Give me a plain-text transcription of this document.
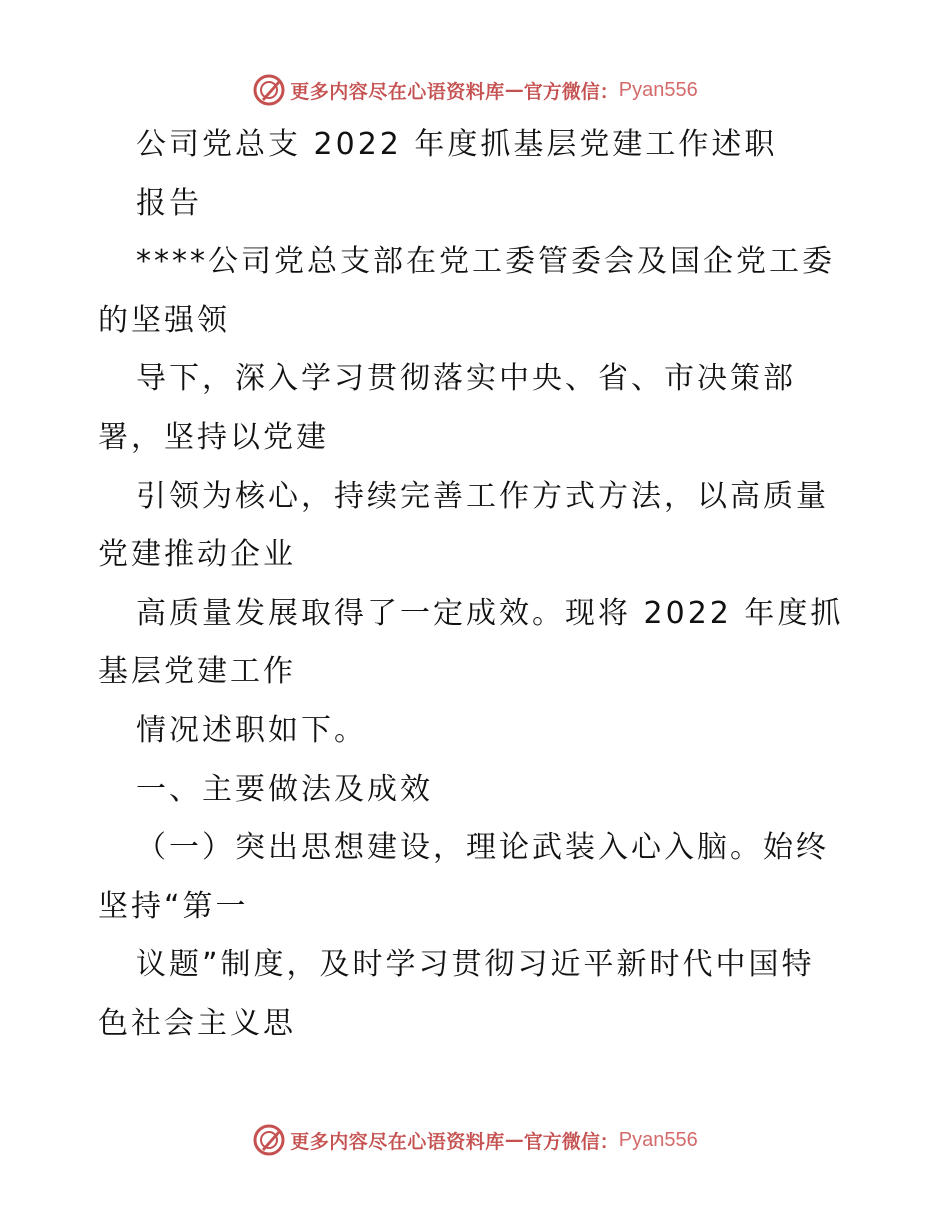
更多内容尽在心语资料库 — 官方微信： Pyan556

公司党总支 2022 年度抓基层党建工作述职

报告

****公司党总支部在党工委管委会及国企党工委

的坚强领

导下，深入学习贯彻落实中央、省、市决策部

署，坚持以党建

引领为核心，持续完善工作方式方法，以高质量

党建推动企业

高质量发展取得了一定成效。现将 2022 年度抓

基层党建工作

情况述职如下。

一、主要做法及成效

（一）突出思想建设，理论武装入心入脑。始终

坚持“第一

议题”制度，及时学习贯彻习近平新时代中国特

色社会主义思

更多内容尽在心语资料库 — 官方微信： Pyan556
